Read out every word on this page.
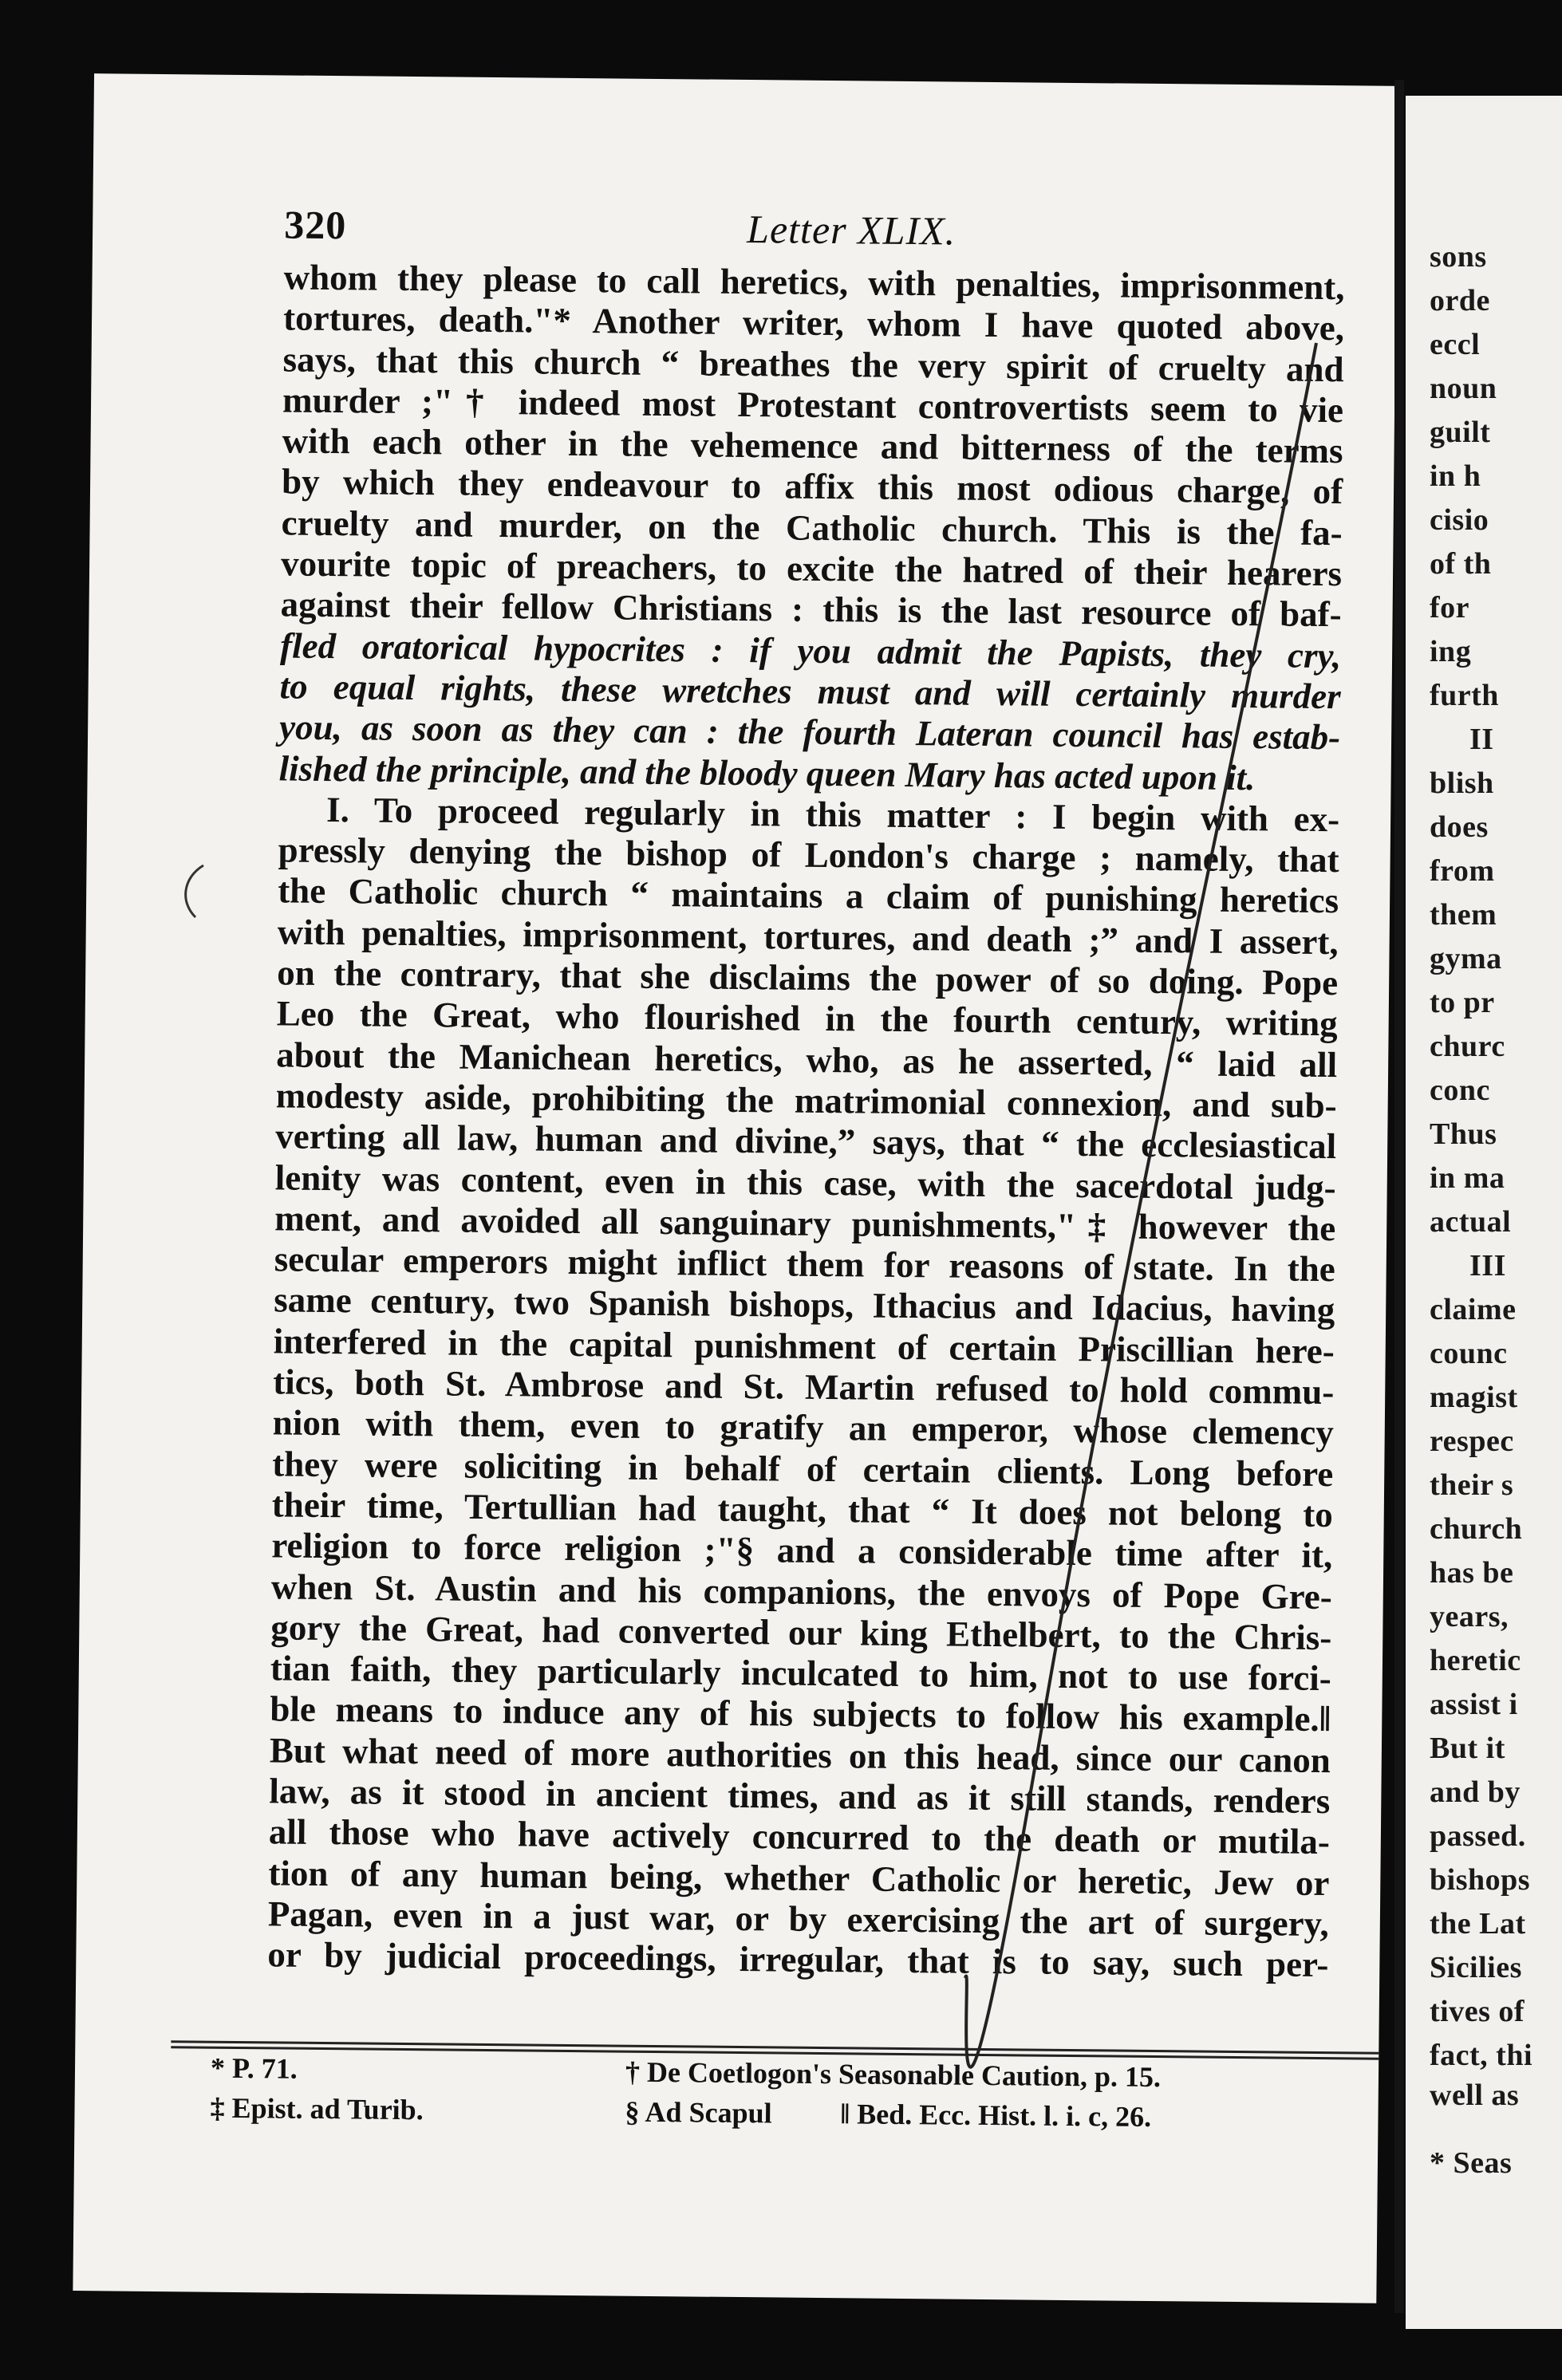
320	Letter XLIX.
whom they please to call heretics, with penalties, imprisonment,
tortures, death."* Another writer, whom I have quoted above,
says, that this church “ breathes the very spirit of cruelty and
murder ;"† indeed most Protestant controvertists seem to vie
with each other in the vehemence and bitterness of the terms
by which they endeavour to affix this most odious charge, of
cruelty and murder, on the Catholic church. This is the fa-
vourite topic of preachers, to excite the hatred of their hearers
against their fellow Christians : this is the last resource of baf-
fled oratorical hypocrites : if you admit the Papists, they cry,
to equal rights, these wretches must and will certainly murder
you, as soon as they can : the fourth Lateran council has estab-
lished the principle, and the bloody queen Mary has acted upon it.
I. To proceed regularly in this matter : I begin with ex-
pressly denying the bishop of London's charge ; namely, that
the Catholic church “ maintains a claim of punishing heretics
with penalties, imprisonment, tortures, and death ;” and I assert,
on the contrary, that she disclaims the power of so doing. Pope
Leo the Great, who flourished in the fourth century, writing
about the Manichean heretics, who, as he asserted, “ laid all
modesty aside, prohibiting the matrimonial connexion, and sub-
verting all law, human and divine,” says, that “ the ecclesiastical
lenity was content, even in this case, with the sacerdotal judg-
ment, and avoided all sanguinary punishments,"‡ however the
secular emperors might inflict them for reasons of state. In the
same century, two Spanish bishops, Ithacius and Idacius, having
interfered in the capital punishment of certain Priscillian here-
tics, both St. Ambrose and St. Martin refused to hold commu-
nion with them, even to gratify an emperor, whose clemency
they were soliciting in behalf of certain clients. Long before
their time, Tertullian had taught, that “ It does not belong to
religion to force religion ;"§ and a considerable time after it,
when St. Austin and his companions, the envoys of Pope Gre-
gory the Great, had converted our king Ethelbert, to the Chris-
tian faith, they particularly inculcated to him, not to use forci-
ble means to induce any of his subjects to follow his example.‖
But what need of more authorities on this head, since our canon
law, as it stood in ancient times, and as it still stands, renders
all those who have actively concurred to the death or mutila-
tion of any human being, whether Catholic or heretic, Jew or
Pagan, even in a just war, or by exercising the art of surgery,
or by judicial proceedings, irregular, that is to say, such per-
* P. 71.	† De Coetlogon's Seasonable Caution, p. 15.
‡ Epist. ad Turib.	§ Ad Scapul ‖ Bed. Ecc. Hist. l. i. c, 26.
sons
orde
eccl
noun
guilt
in h
cisio
of th
for
ing
furth
II
blish
does
from
them
gyma
to pr
churc
conc
Thus
in ma
actual
III
claime
counc
magist
respec
their s
church
has be
years,
heretic
assist i
But it
and by
passed.
bishops
the Lat
Sicilies
tives of
fact, thi
well as
* Seas
